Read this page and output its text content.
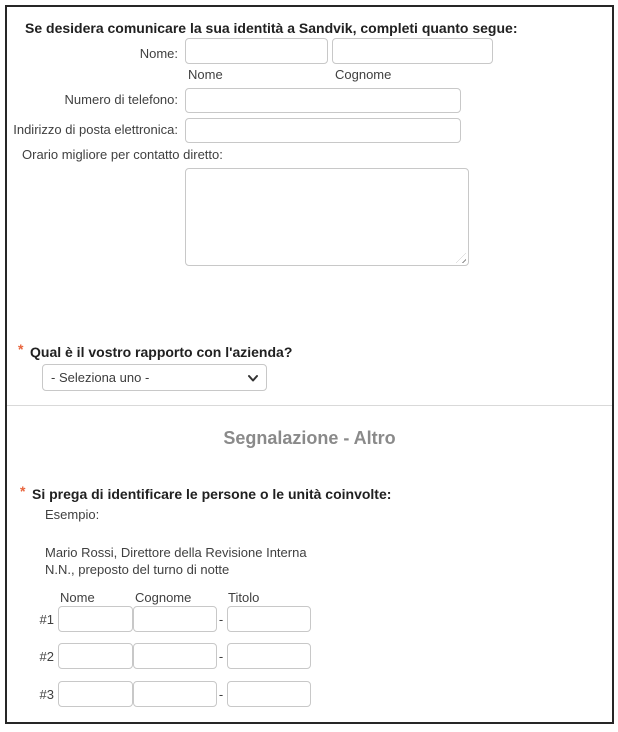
Se desidera comunicare la sua identità a Sandvik, completi quanto segue:
Nome:
Nome	Cognome
Numero di telefono:
Indirizzo di posta elettronica:
Orario migliore per contatto diretto:
* Qual è il vostro rapporto con l'azienda?
- Seleziona uno -
Segnalazione - Altro
* Si prega di identificare le persone o le unità coinvolte:
Esempio:
Mario Rossi, Direttore della Revisione Interna
N.N., preposto del turno di notte
Nome	Cognome	Titolo
#1	-
#2	-
#3	-
